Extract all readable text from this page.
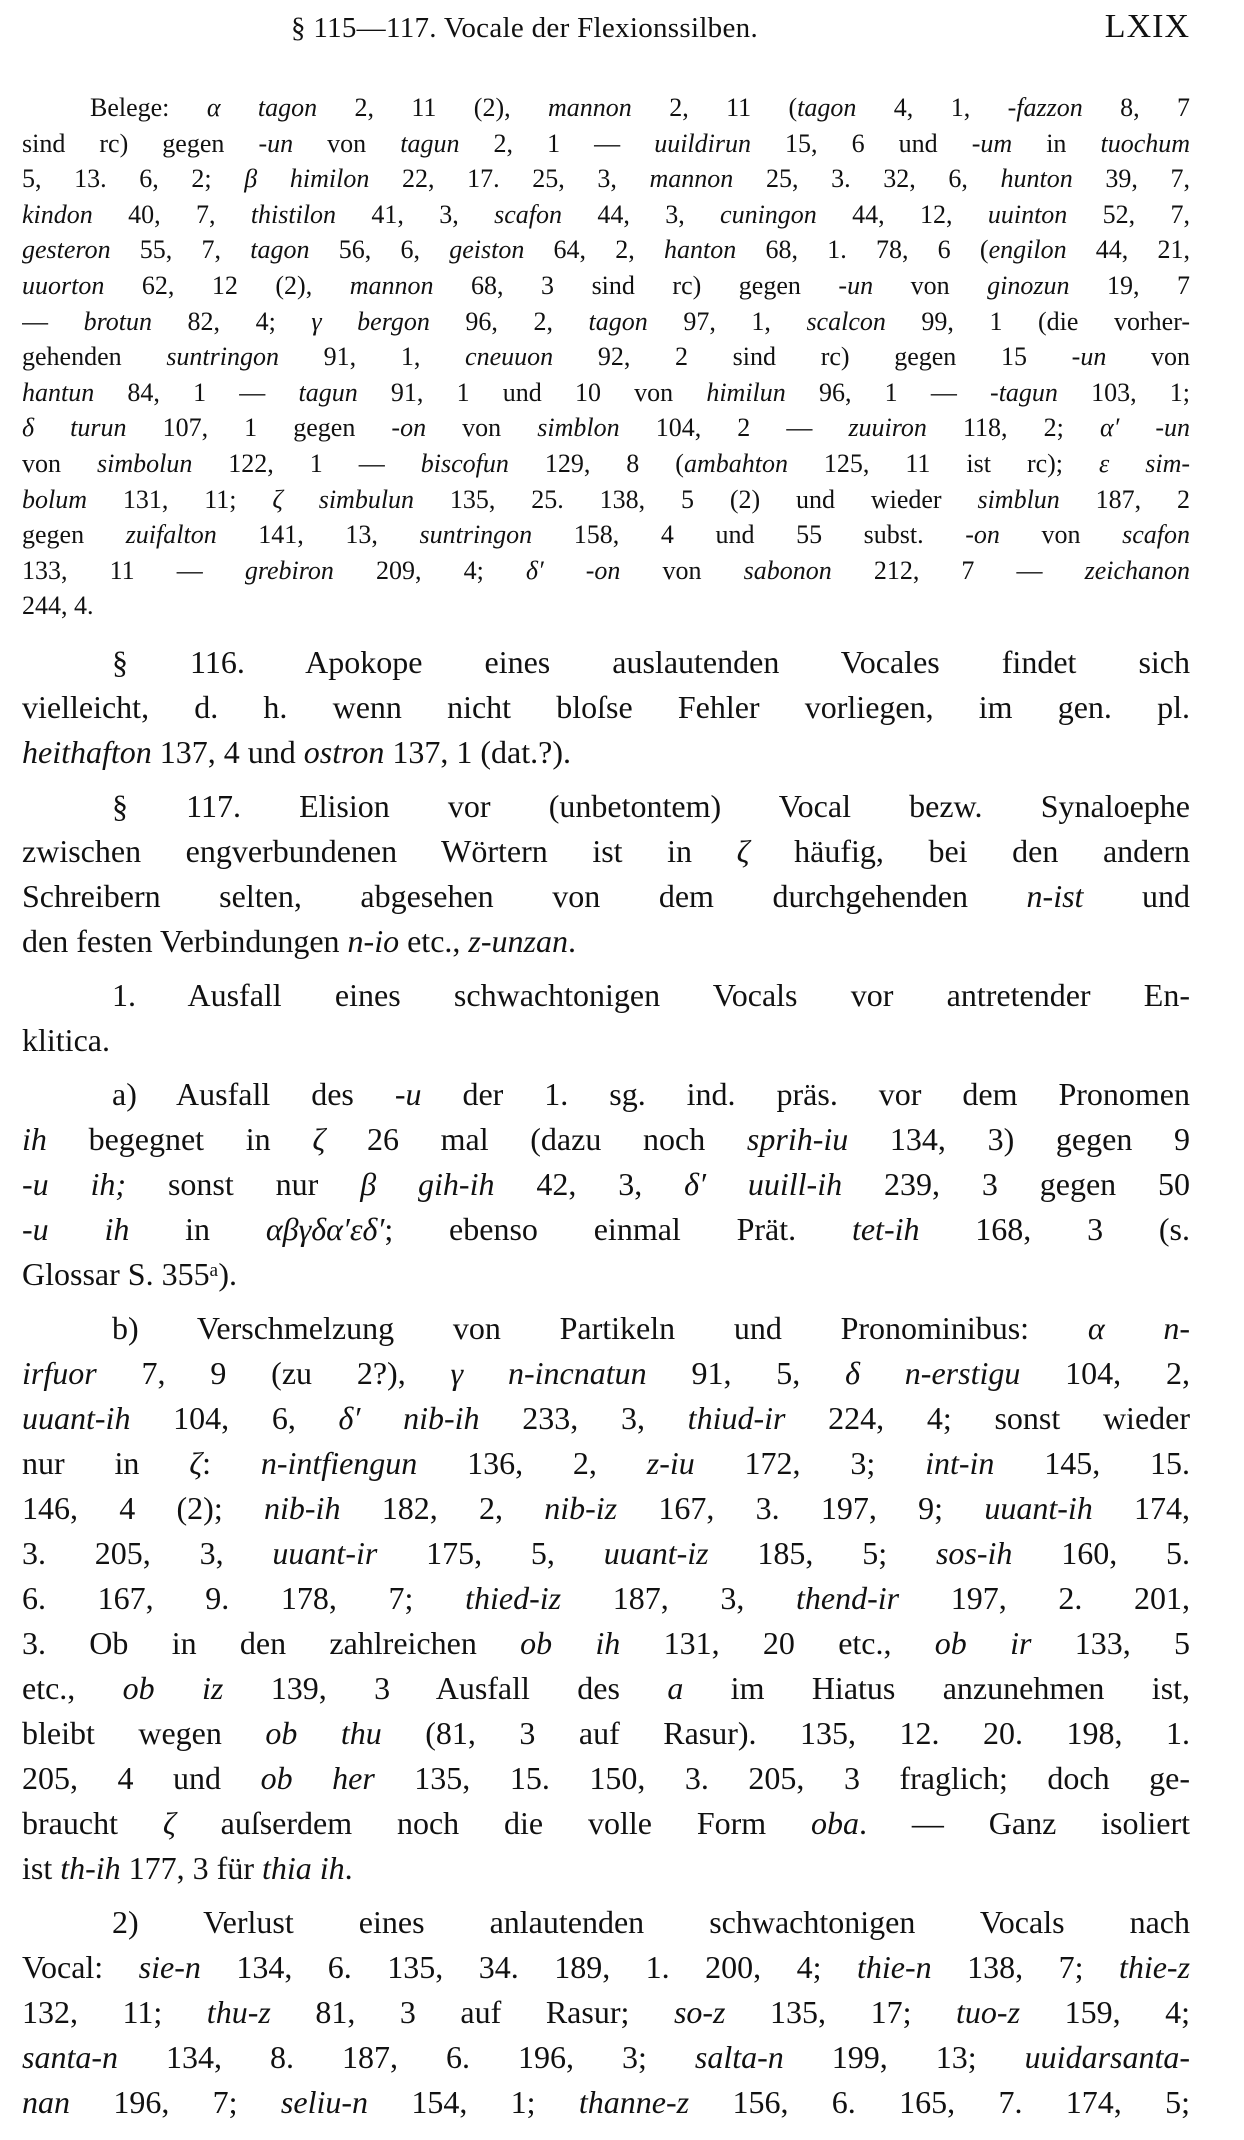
§ 115—117. Vocale der Flexionssilben.	LXIX
Belege: α tagon 2, 11 (2), mannon 2, 11 (tagon 4, 1, -fazzon 8, 7
sind rc) gegen -un von tagun 2, 1 — uuildirun 15, 6 und -um in tuochum
5, 13. 6, 2; β himilon 22, 17. 25, 3, mannon 25, 3. 32, 6, hunton 39, 7,
kindon 40, 7, thistilon 41, 3, scafon 44, 3, cuningon 44, 12, uuinton 52, 7,
gesteron 55, 7, tagon 56, 6, geiston 64, 2, hanton 68, 1. 78, 6 (engilon 44, 21,
uuorton 62, 12 (2), mannon 68, 3 sind rc) gegen -un von ginozun 19, 7
— brotun 82, 4; γ bergon 96, 2, tagon 97, 1, scalcon 99, 1 (die vorher-
gehenden suntringon 91, 1, cneuuon 92, 2 sind rc) gegen 15 -un von
hantun 84, 1 — tagun 91, 1 und 10 von himilun 96, 1 — -tagun 103, 1;
δ turun 107, 1 gegen -on von simblon 104, 2 — zuuiron 118, 2; α′ -un
von simbolun 122, 1 — biscofun 129, 8 (ambahton 125, 11 ist rc); ε sim-
bolum 131, 11; ζ simbulun 135, 25. 138, 5 (2) und wieder simblun 187, 2
gegen zuifalton 141, 13, suntringon 158, 4 und 55 subst. -on von scafon
133, 11 — grebiron 209, 4; δ′ -on von sabonon 212, 7 — zeichanon
244, 4.
§ 116. Apokope eines auslautenden Vocales findet sich
vielleicht, d. h. wenn nicht bloſse Fehler vorliegen, im gen. pl.
heithafton 137, 4 und ostron 137, 1 (dat.?).
§ 117. Elision vor (unbetontem) Vocal bezw. Synaloephe
zwischen engverbundenen Wörtern ist in ζ häufig, bei den andern
Schreibern selten, abgesehen von dem durchgehenden n-ist und
den festen Verbindungen n-io etc., z-unzan.
1. Ausfall eines schwachtonigen Vocals vor antretender En-
klitica.
a) Ausfall des -u der 1. sg. ind. präs. vor dem Pronomen
ih begegnet in ζ 26 mal (dazu noch sprih-iu 134, 3) gegen 9
-u ih; sonst nur β gih-ih 42, 3, δ′ uuill-ih 239, 3 gegen 50
-u ih in αβγδα′εδ′; ebenso einmal Prät. tet-ih 168, 3 (s.
Glossar S. 355ᵃ).
b) Verschmelzung von Partikeln und Pronominibus: α n-
irfuor 7, 9 (zu 2?), γ n-incnatun 91, 5, δ n-erstigu 104, 2,
uuant-ih 104, 6, δ′ nib-ih 233, 3, thiud-ir 224, 4; sonst wieder
nur in ζ: n-intfiengun 136, 2, z-iu 172, 3; int-in 145, 15.
146, 4 (2); nib-ih 182, 2, nib-iz 167, 3. 197, 9; uuant-ih 174,
3. 205, 3, uuant-ir 175, 5, uuant-iz 185, 5; sos-ih 160, 5.
6. 167, 9. 178, 7; thied-iz 187, 3, thend-ir 197, 2. 201,
3. Ob in den zahlreichen ob ih 131, 20 etc., ob ir 133, 5
etc., ob iz 139, 3 Ausfall des a im Hiatus anzunehmen ist,
bleibt wegen ob thu (81, 3 auf Rasur). 135, 12. 20. 198, 1.
205, 4 und ob her 135, 15. 150, 3. 205, 3 fraglich; doch ge-
braucht ζ auſserdem noch die volle Form oba. — Ganz isoliert
ist th-ih 177, 3 für thia ih.
2) Verlust eines anlautenden schwachtonigen Vocals nach
Vocal: sie-n 134, 6. 135, 34. 189, 1. 200, 4; thie-n 138, 7; thie-z
132, 11; thu-z 81, 3 auf Rasur; so-z 135, 17; tuo-z 159, 4;
santa-n 134, 8. 187, 6. 196, 3; salta-n 199, 13; uuidarsanta-
nan 196, 7; seliu-n 154, 1; thanne-z 156, 6. 165, 7. 174, 5;
